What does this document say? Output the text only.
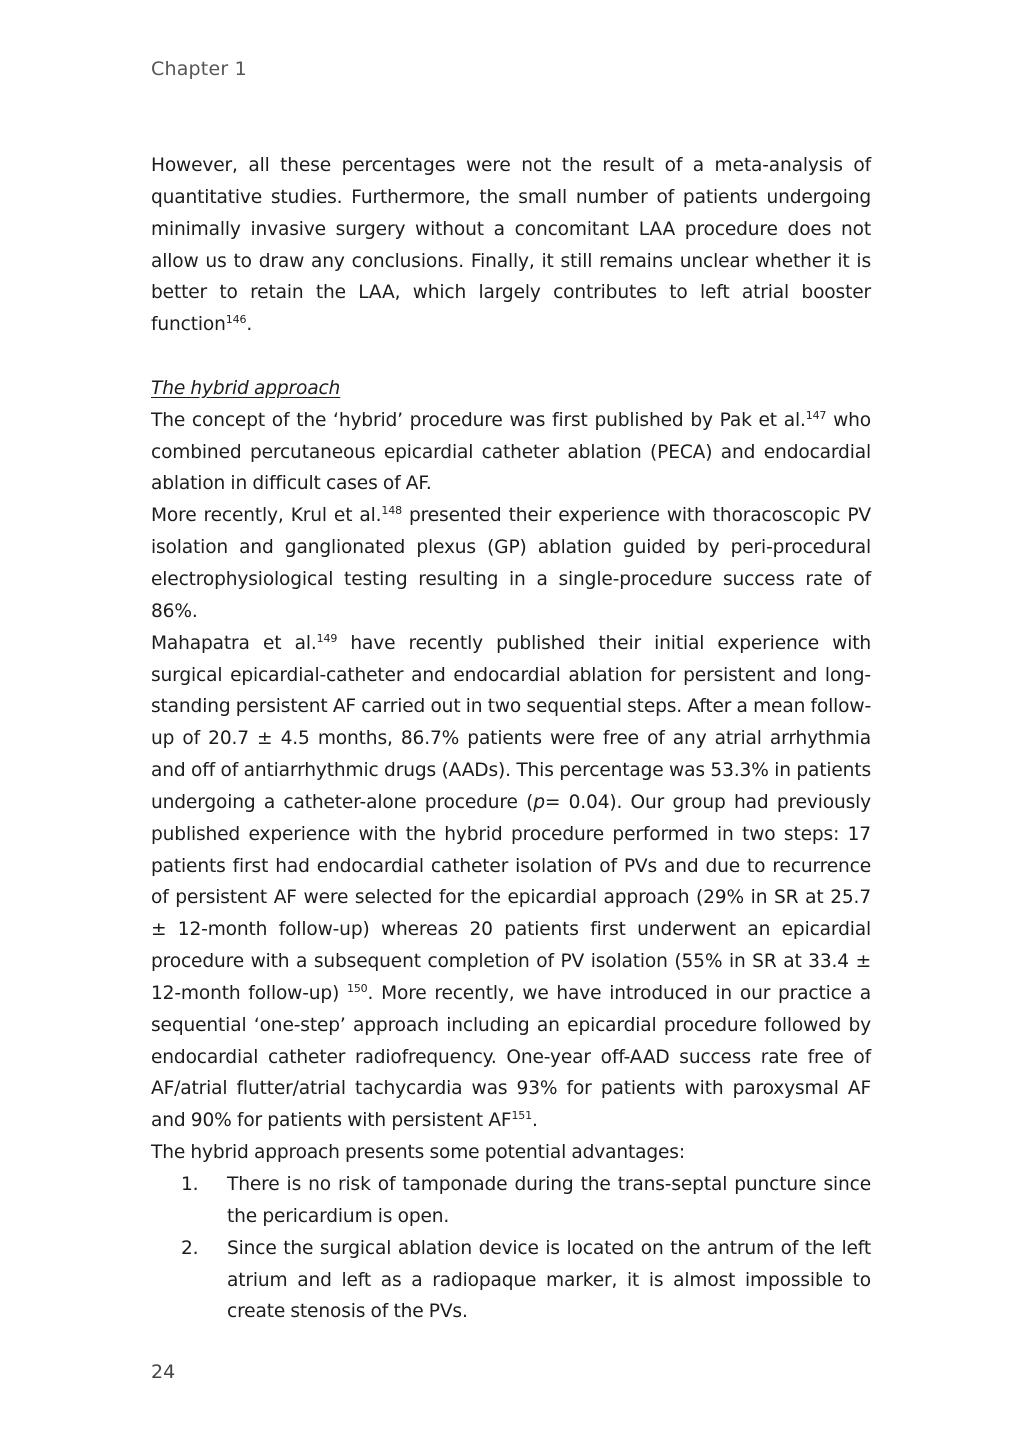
Chapter 1

However, all these percentages were not the result of a meta-analysis of quantitative studies. Furthermore, the small number of patients undergoing minimally invasive surgery without a concomitant LAA procedure does not allow us to draw any conclusions. Finally, it still remains unclear whether it is better to retain the LAA, which largely contributes to left atrial booster function$^{146}$.

The hybrid approach

The concept of the ‘hybrid’ procedure was first published by Pak et al.$^{147}$ who combined percutaneous epicardial catheter ablation (PECA) and endocardial ablation in difficult cases of AF.

More recently, Krul et al.$^{148}$ presented their experience with thoracoscopic PV isolation and ganglionated plexus (GP) ablation guided by peri-procedural electrophysiological testing resulting in a single-procedure success rate of 86%.

Mahapatra et al.$^{149}$ have recently published their initial experience with surgical epicardial-catheter and endocardial ablation for persistent and long-standing persistent AF carried out in two sequential steps. After a mean follow-up of 20.7 ± 4.5 months, 86.7% patients were free of any atrial arrhythmia and off of antiarrhythmic drugs (AADs). This percentage was 53.3% in patients undergoing a catheter-alone procedure (p= 0.04). Our group had previously published experience with the hybrid procedure performed in two steps: 17 patients first had endocardial catheter isolation of PVs and due to recurrence of persistent AF were selected for the epicardial approach (29% in SR at 25.7 ± 12-month follow-up) whereas 20 patients first underwent an epicardial procedure with a subsequent completion of PV isolation (55% in SR at 33.4 ± 12-month follow-up) $^{150}$. More recently, we have introduced in our practice a sequential ‘one-step’ approach including an epicardial procedure followed by endocardial catheter radiofrequency. One-year off-AAD success rate free of AF/atrial flutter/atrial tachycardia was 93% for patients with paroxysmal AF and 90% for patients with persistent AF$^{151}$.

The hybrid approach presents some potential advantages:

1. There is no risk of tamponade during the trans-septal puncture since the pericardium is open.
2. Since the surgical ablation device is located on the antrum of the left atrium and left as a radiopaque marker, it is almost impossible to create stenosis of the PVs.
24
